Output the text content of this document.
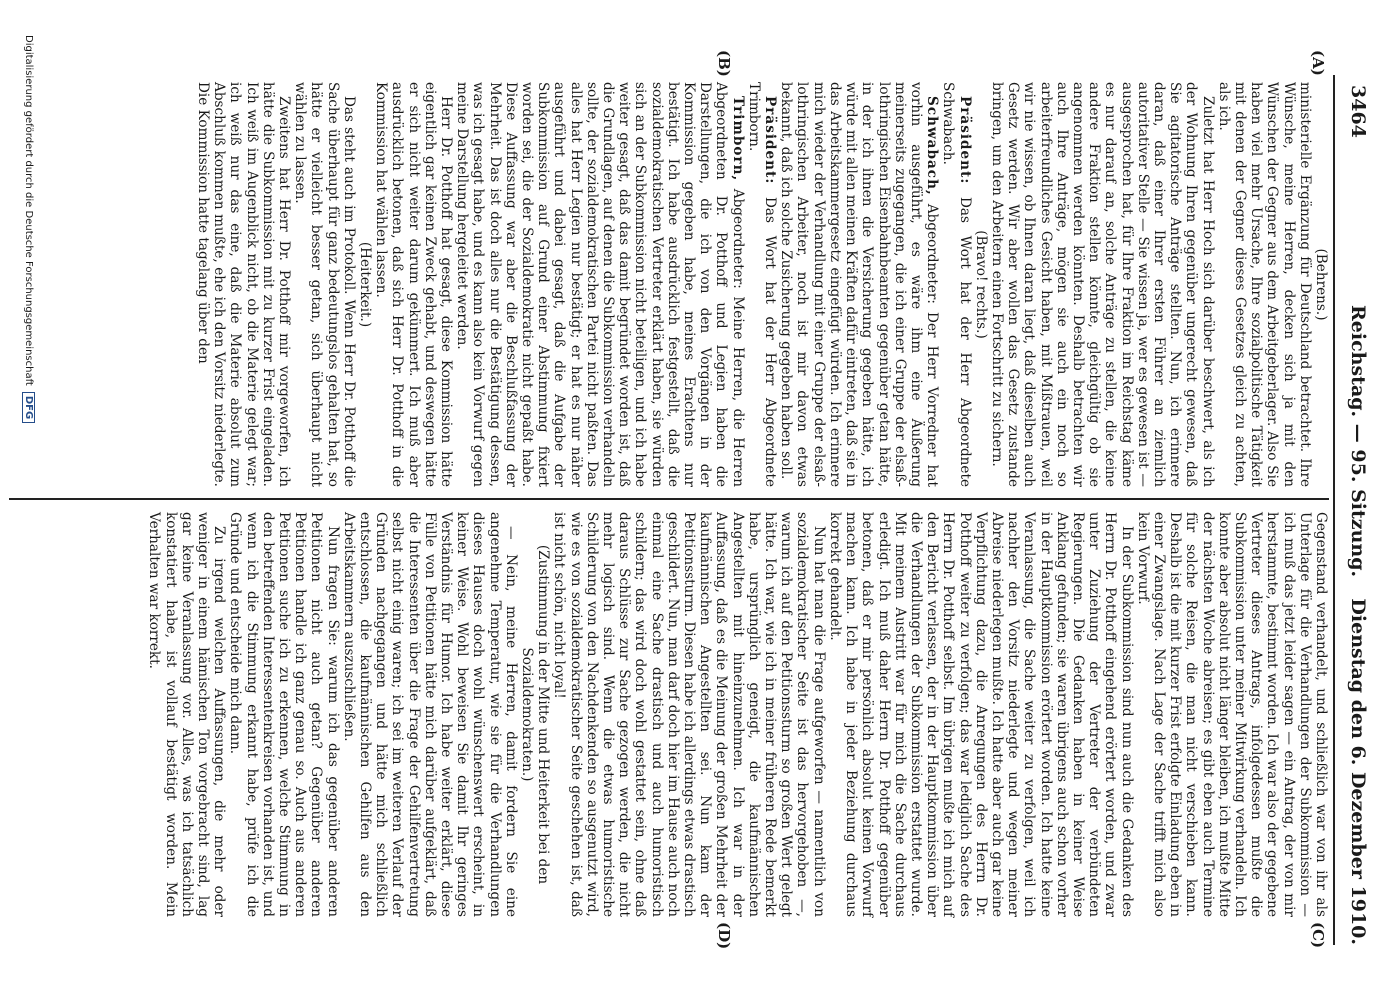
3464
Reichstag. — 95. Sitzung.
Dienstag den 6. Dezember 1910.
(A)
(B)
(C)
(D)

(Behrens.)

ministerielle Ergänzung für Deutschland betrachtet. Ihre Wünsche, meine Herren, decken sich ja mit den Wünschen der Gegner aus dem Arbeitgeberlager. Also Sie haben viel mehr Ursache, Ihre sozialpolitische Tätigkeit mit denen der Gegner dieses Gesetzes gleich zu achten, als ich.

Zuletzt hat Herr Hoch sich darüber beschwert, als ich der Wohnung Ihren gegenüber ungerecht gewesen, daß Sie agitatorische Anträge stellten. Nun, ich erinnere daran, daß einer Ihrer ersten Führer an ziemlich autoritativer Stelle — Sie wissen ja, wer es gewesen ist — ausgesprochen hat, für Ihre Fraktion im Reichstag käme es nur darauf an, solche Anträge zu stellen, die keine andere Fraktion stellen könnte, gleichgültig ob sie angenommen werden könnten. Deshalb betrachten wir auch Ihre Anträge, mögen sie auch ein noch so arbeiterfreundliches Gesicht haben, mit Mißtrauen, weil wir nie wissen, ob Ihnen daran liegt, daß dieselben auch Gesetz werden. Wir aber wollen das Gesetz zustande bringen, um den Arbeitern einen Fortschritt zu sichern.

(Bravo! rechts.)

Präsident: Das Wort hat der Herr Abgeordnete Schwabach.

Schwabach, Abgeordneter: Der Herr Vorredner hat vorhin ausgeführt, es wäre ihm eine Äußerung meinerseits zugegangen, die ich einer Gruppe der elsaß-lothringischen Eisenbahnbeamten gegenüber getan hätte, in der ich ihnen die Versicherung gegeben hätte, ich würde mit allen meinen Kräften dafür eintreten, daß sie in das Arbeitskammergesetz eingefügt würden. Ich erinnere mich wieder der Verhandlung mit einer Gruppe der elsaß-lothringischen Arbeiter, noch ist mir davon etwas bekannt, daß ich solche Zusicherung gegeben haben soll.

Präsident: Das Wort hat der Herr Abgeordnete Trimborn.

Trimborn, Abgeordneter: Meine Herren, die Herren Abgeordneten Dr. Potthoff und Legien haben die Darstellungen, die ich von den Vorgängen in der Kommission gegeben habe, meines Erachtens nur bestätigt. Ich habe ausdrücklich festgestellt, daß die sozialdemokratischen Vertreter erklärt haben, sie würden sich an der Subkommission nicht beteiligen, und ich habe weiter gesagt, daß das damit begründet worden ist, daß die Grundlagen, auf denen die Subkommission verhandeln sollte, der sozialdemokratischen Partei nicht paßten. Das alles hat Herr Legien nur bestätigt; er hat es nur näher ausgeführt und dabei gesagt, daß die Aufgabe der Subkommission auf Grund einer Abstimmung fixiert worden sei, die der Sozialdemokratie nicht gepaßt habe. Diese Auffassung war aber die Beschlußfassung der Mehrheit. Das ist doch alles nur die Bestätigung dessen, was ich gesagt habe, und es kann also kein Vorwurf gegen meine Darstellung hergeleitet werden.

Herr Dr. Potthoff hat gesagt, diese Kommission hätte eigentlich gar keinen Zweck gehabt, und deswegen hätte er sich nicht weiter darum gekümmert. Ich muß aber ausdrücklich betonen, daß sich Herr Dr. Potthoff in die Kommission hat wählen lassen.

(Heiterkeit.)

Das steht auch im Protokoll. Wenn Herr Dr. Potthoff die Sache überhaupt für ganz bedeutungslos gehalten hat, so hätte er vielleicht besser getan, sich überhaupt nicht wählen zu lassen.

Zweitens hat Herr Dr. Potthoff mir vorgeworfen, ich hätte die Subkommission mit zu kurzer Frist eingeladen. Ich weiß im Augenblick nicht, ob die Materie gelegt war; ich weiß nur das eine, daß die Materie absolut zum Abschluß kommen mußte, ehe ich den Vorsitz niederlegte. Die Kommission hatte tagelang über den

Gegenstand verhandelt, und schließlich war von ihr als Unterlage für die Verhandlungen der Subkommission — ich muß das jetzt leider sagen — ein Antrag, der von mir herstammte, bestimmt worden. Ich war also der gegebene Vertreter dieses Antrags, infolgedessen mußte die Subkommission unter meiner Mitwirkung verhandeln. Ich konnte aber absolut nicht länger bleiben, ich mußte Mitte der nächsten Woche abreisen; es gibt eben auch Termine für solche Reisen, die man nicht verschieben kann. Deshalb ist die mit kurzer Frist erfolgte Einladung eben in einer Zwangslage. Nach Lage der Sache trifft mich also kein Vorwurf.

In der Subkommission sind nun auch die Gedanken des Herrn Dr. Potthoff eingehend erörtert worden, und zwar unter Zuziehung der Vertreter der verbündeten Regierungen. Die Gedanken haben in keiner Weise Anklang gefunden; sie waren übrigens auch schon vorher in der Hauptkommission erörtert worden. Ich hatte keine Veranlassung, die Sache weiter zu verfolgen, weil ich nachher den Vorsitz niederlegte und wegen meiner Abreise niederlegen mußte. Ich hatte aber auch gar keine Verpflichtung dazu, die Anregungen des Herrn Dr. Potthoff weiter zu verfolgen; das war lediglich Sache des Herrn Dr. Potthoff selbst. Im übrigen mußte ich mich auf den Bericht verlassen, der in der Hauptkommission über die Verhandlungen der Subkommission erstattet wurde. Mit meinem Austritt war für mich die Sache durchaus erledigt. Ich muß daher Herrn Dr. Potthoff gegenüber betonen, daß er mir persönlich absolut keinen Vorwurf machen kann. Ich habe in jeder Beziehung durchaus korrekt gehandelt.

Nun hat man die Frage aufgeworfen — namentlich von sozialdemokratischer Seite ist das hervorgehoben —, warum ich auf den Petitionssturm so großen Wert gelegt hätte. Ich war, wie ich in meiner früheren Rede bemerkt habe, ursprünglich geneigt, die kaufmännischen Angestellten mit hineinzunehmen. Ich war in der Auffassung, daß es die Meinung der großen Mehrheit der kaufmännischen Angestellten sei. Nun kam der Petitionssturm. Diesen habe ich allerdings etwas drastisch geschildert. Nun, man darf doch hier im Hause auch noch einmal eine Sache drastisch und auch humoristisch schildern; das wird doch wohl gestattet sein, ohne daß daraus Schlüsse zur Sache gezogen werden, die nicht mehr logisch sind. Wenn die etwas humoristische Schilderung von den Nachdenkenden so ausgenutzt wird, wie es von sozialdemokratischer Seite geschehen ist, daß ist nicht schön, nicht loyal!

(Zustimmung in der Mitte und Heiterkeit bei den Sozialdemokraten.)

— Nein, meine Herren, damit fordern Sie eine angenehme Temperatur, wie sie für die Verhandlungen dieses Hauses doch wohl wünschenswert erscheint, in keiner Weise. Wohl beweisen Sie damit Ihr geringes Verständnis für Humor. Ich habe weiter erklärt, diese Fülle von Petitionen hätte mich darüber aufgeklärt, daß die Interessenten über die Frage der Gehilfenvertretung selbst nicht einig waren; ich sei im weiteren Verlauf der Gründen nachgegangen und hätte mich schließlich entschlossen, die kaufmännischen Gehilfen aus den Arbeitskammern auszuschließen.

Nun fragen Sie: warum ich das gegenüber anderen Petitionen nicht auch getan? Gegenüber anderen Petitionen handle ich ganz genau so. Auch aus anderen Petitionen suche ich zu erkennen, welche Stimmung in den betreffenden Interessentenkreisen vorhanden ist, und wenn ich die Stimmung erkannt habe, prüfe ich die Gründe und entscheide mich dann.

Zu irgend welchen Auffassungen, die mehr oder weniger in einem hämischen Ton vorgebracht sind, lag gar keine Veranlassung vor. Alles, was ich tatsächlich konstatiert habe, ist vollauf bestätigt worden. Mein Verhalten war korrekt.

Digitalisierung gefördert durch die Deutsche ForschungsgemeinschaftDFG
